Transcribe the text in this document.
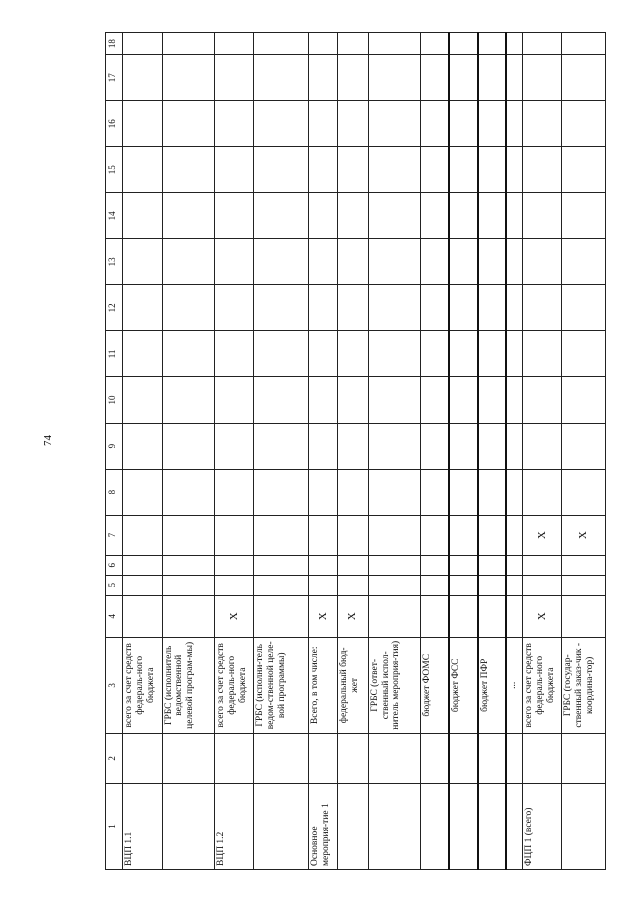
74
1	2	3	4	5	6	7	8	9	10	11	12	13	14	15	16	17	18
ВЦП 1.1		всего за счет средств федераль-ного бюджета															
		ГРБС (исполнитель ведомственной целевой програм-мы)															
ВЦП 1.2		всего за счет средств федераль-ного бюджета	X														
		ГРБС (исполни-тель ведом-ственной целе-вой программы)															
Основное мероприя-тие 1		Всего, в том числе:	X														
		федеральный бюд-жет	X														
		ГРБС (ответ-ственный испол-нитель мероприя-тия)															
		бюджет ФОМС															
		бюджет ФСС															
		бюджет ПФР															
		...															
ФЦП 1 (всего)		всего за счет средств федераль-ного бюджета	X			X											
		ГРБС (государ-ственный заказ-чик - координа-тор)				X											
